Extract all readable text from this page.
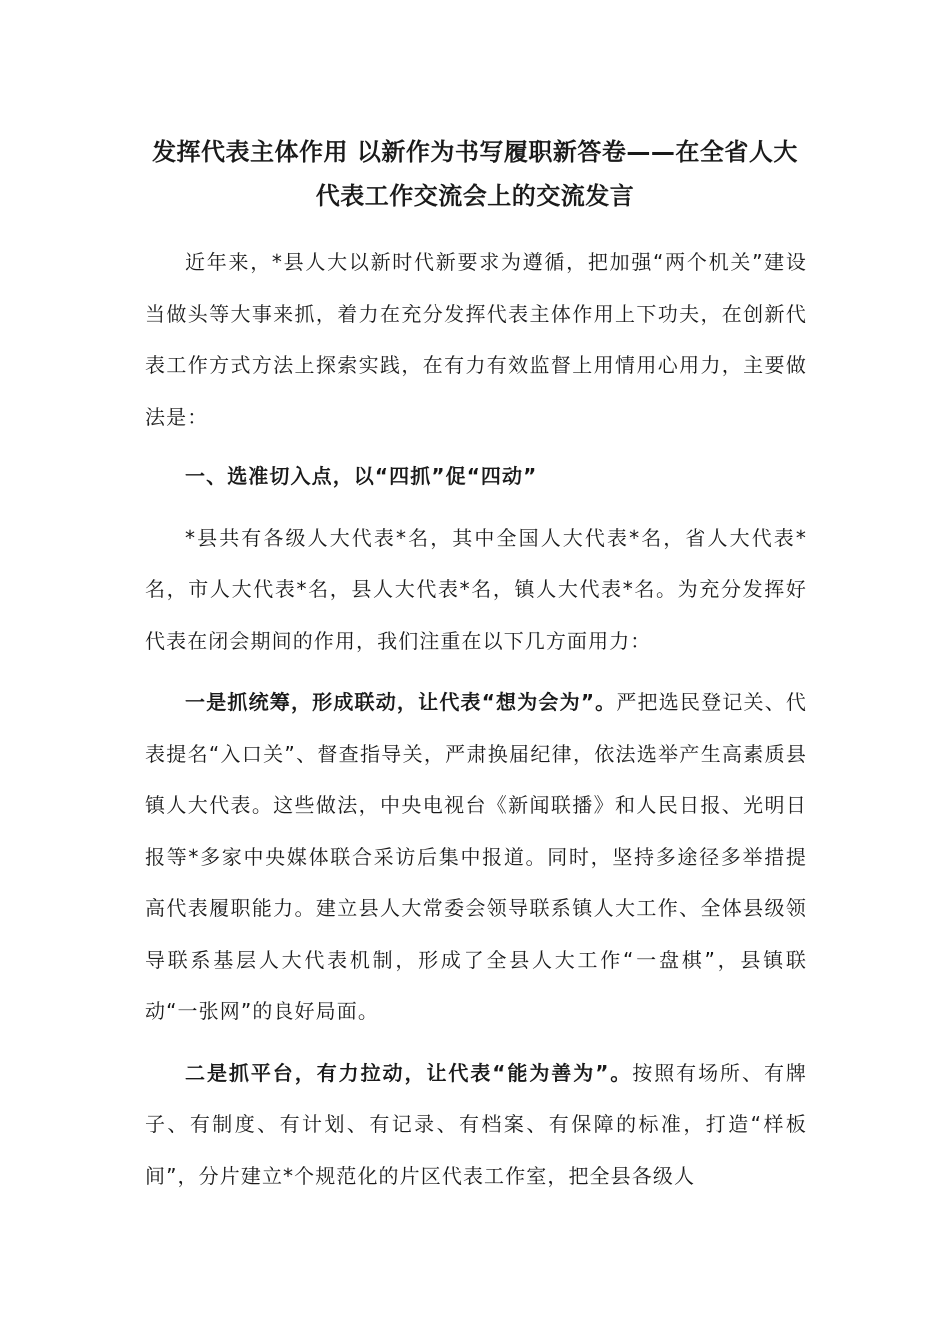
发挥代表主体作用 以新作为书写履职新答卷——在全省人大代表工作交流会上的交流发言

近年来，*县人大以新时代新要求为遵循，把加强“两个机关”建设当做头等大事来抓，着力在充分发挥代表主体作用上下功夫，在创新代表工作方式方法上探索实践，在有力有效监督上用情用心用力，主要做法是：

一、选准切入点，以“四抓”促“四动”

*县共有各级人大代表*名，其中全国人大代表*名，省人大代表*名，市人大代表*名，县人大代表*名，镇人大代表*名。为充分发挥好代表在闭会期间的作用，我们注重在以下几方面用力：

一是抓统筹，形成联动，让代表“想为会为”。严把选民登记关、代表提名“入口关”、督查指导关，严肃换届纪律，依法选举产生高素质县镇人大代表。这些做法，中央电视台《新闻联播》和人民日报、光明日报等*多家中央媒体联合采访后集中报道。同时，坚持多途径多举措提高代表履职能力。建立县人大常委会领导联系镇人大工作、全体县级领导联系基层人大代表机制，形成了全县人大工作“一盘棋”，县镇联动“一张网”的良好局面。

二是抓平台，有力拉动，让代表“能为善为”。按照有场所、有牌子、有制度、有计划、有记录、有档案、有保障的标准，打造“样板间”，分片建立*个规范化的片区代表工作室，把全县各级人
